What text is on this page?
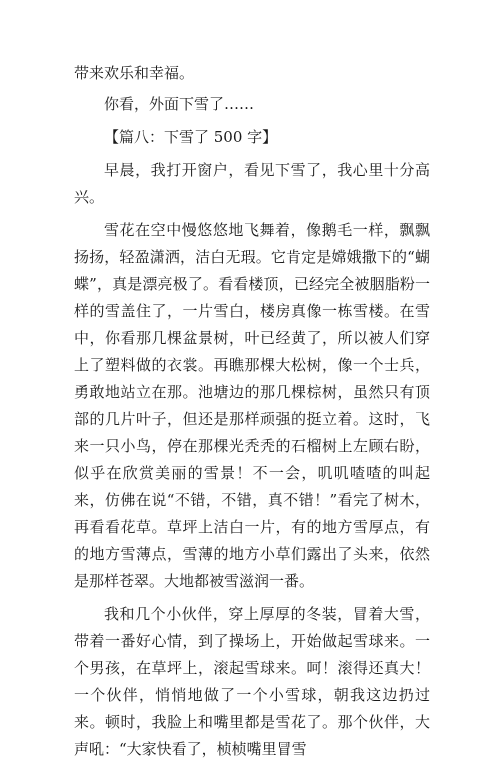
带来欢乐和幸福。

你看，外面下雪了……

【篇八：下雪了 500 字】

早晨，我打开窗户，看见下雪了，我心里十分高兴。

雪花在空中慢悠悠地飞舞着，像鹅毛一样，飘飘扬扬，轻盈潇洒，洁白无瑕。它肯定是嫦娥撒下的“蝴蝶”，真是漂亮极了。看看楼顶，已经完全被胭脂粉一样的雪盖住了，一片雪白，楼房真像一栋雪楼。在雪中，你看那几棵盆景树，叶已经黄了，所以被人们穿上了塑料做的衣裳。再瞧那棵大松树，像一个士兵，勇敢地站立在那。池塘边的那几棵棕树，虽然只有顶部的几片叶子，但还是那样顽强的挺立着。这时，飞来一只小鸟，停在那棵光秃秃的石榴树上左顾右盼，似乎在欣赏美丽的雪景！不一会，叽叽喳喳的叫起来，仿佛在说“不错，不错，真不错！”看完了树木，再看看花草。草坪上洁白一片，有的地方雪厚点，有的地方雪薄点，雪薄的地方小草们露出了头来，依然是那样苍翠。大地都被雪滋润一番。

我和几个小伙伴，穿上厚厚的冬装，冒着大雪，带着一番好心情，到了操场上，开始做起雪球来。一个男孩，在草坪上，滚起雪球来。呵！滚得还真大！一个伙伴，悄悄地做了一个小雪球，朝我这边扔过来。顿时，我脸上和嘴里都是雪花了。那个伙伴，大声吼：“大家快看了，桢桢嘴里冒雪
